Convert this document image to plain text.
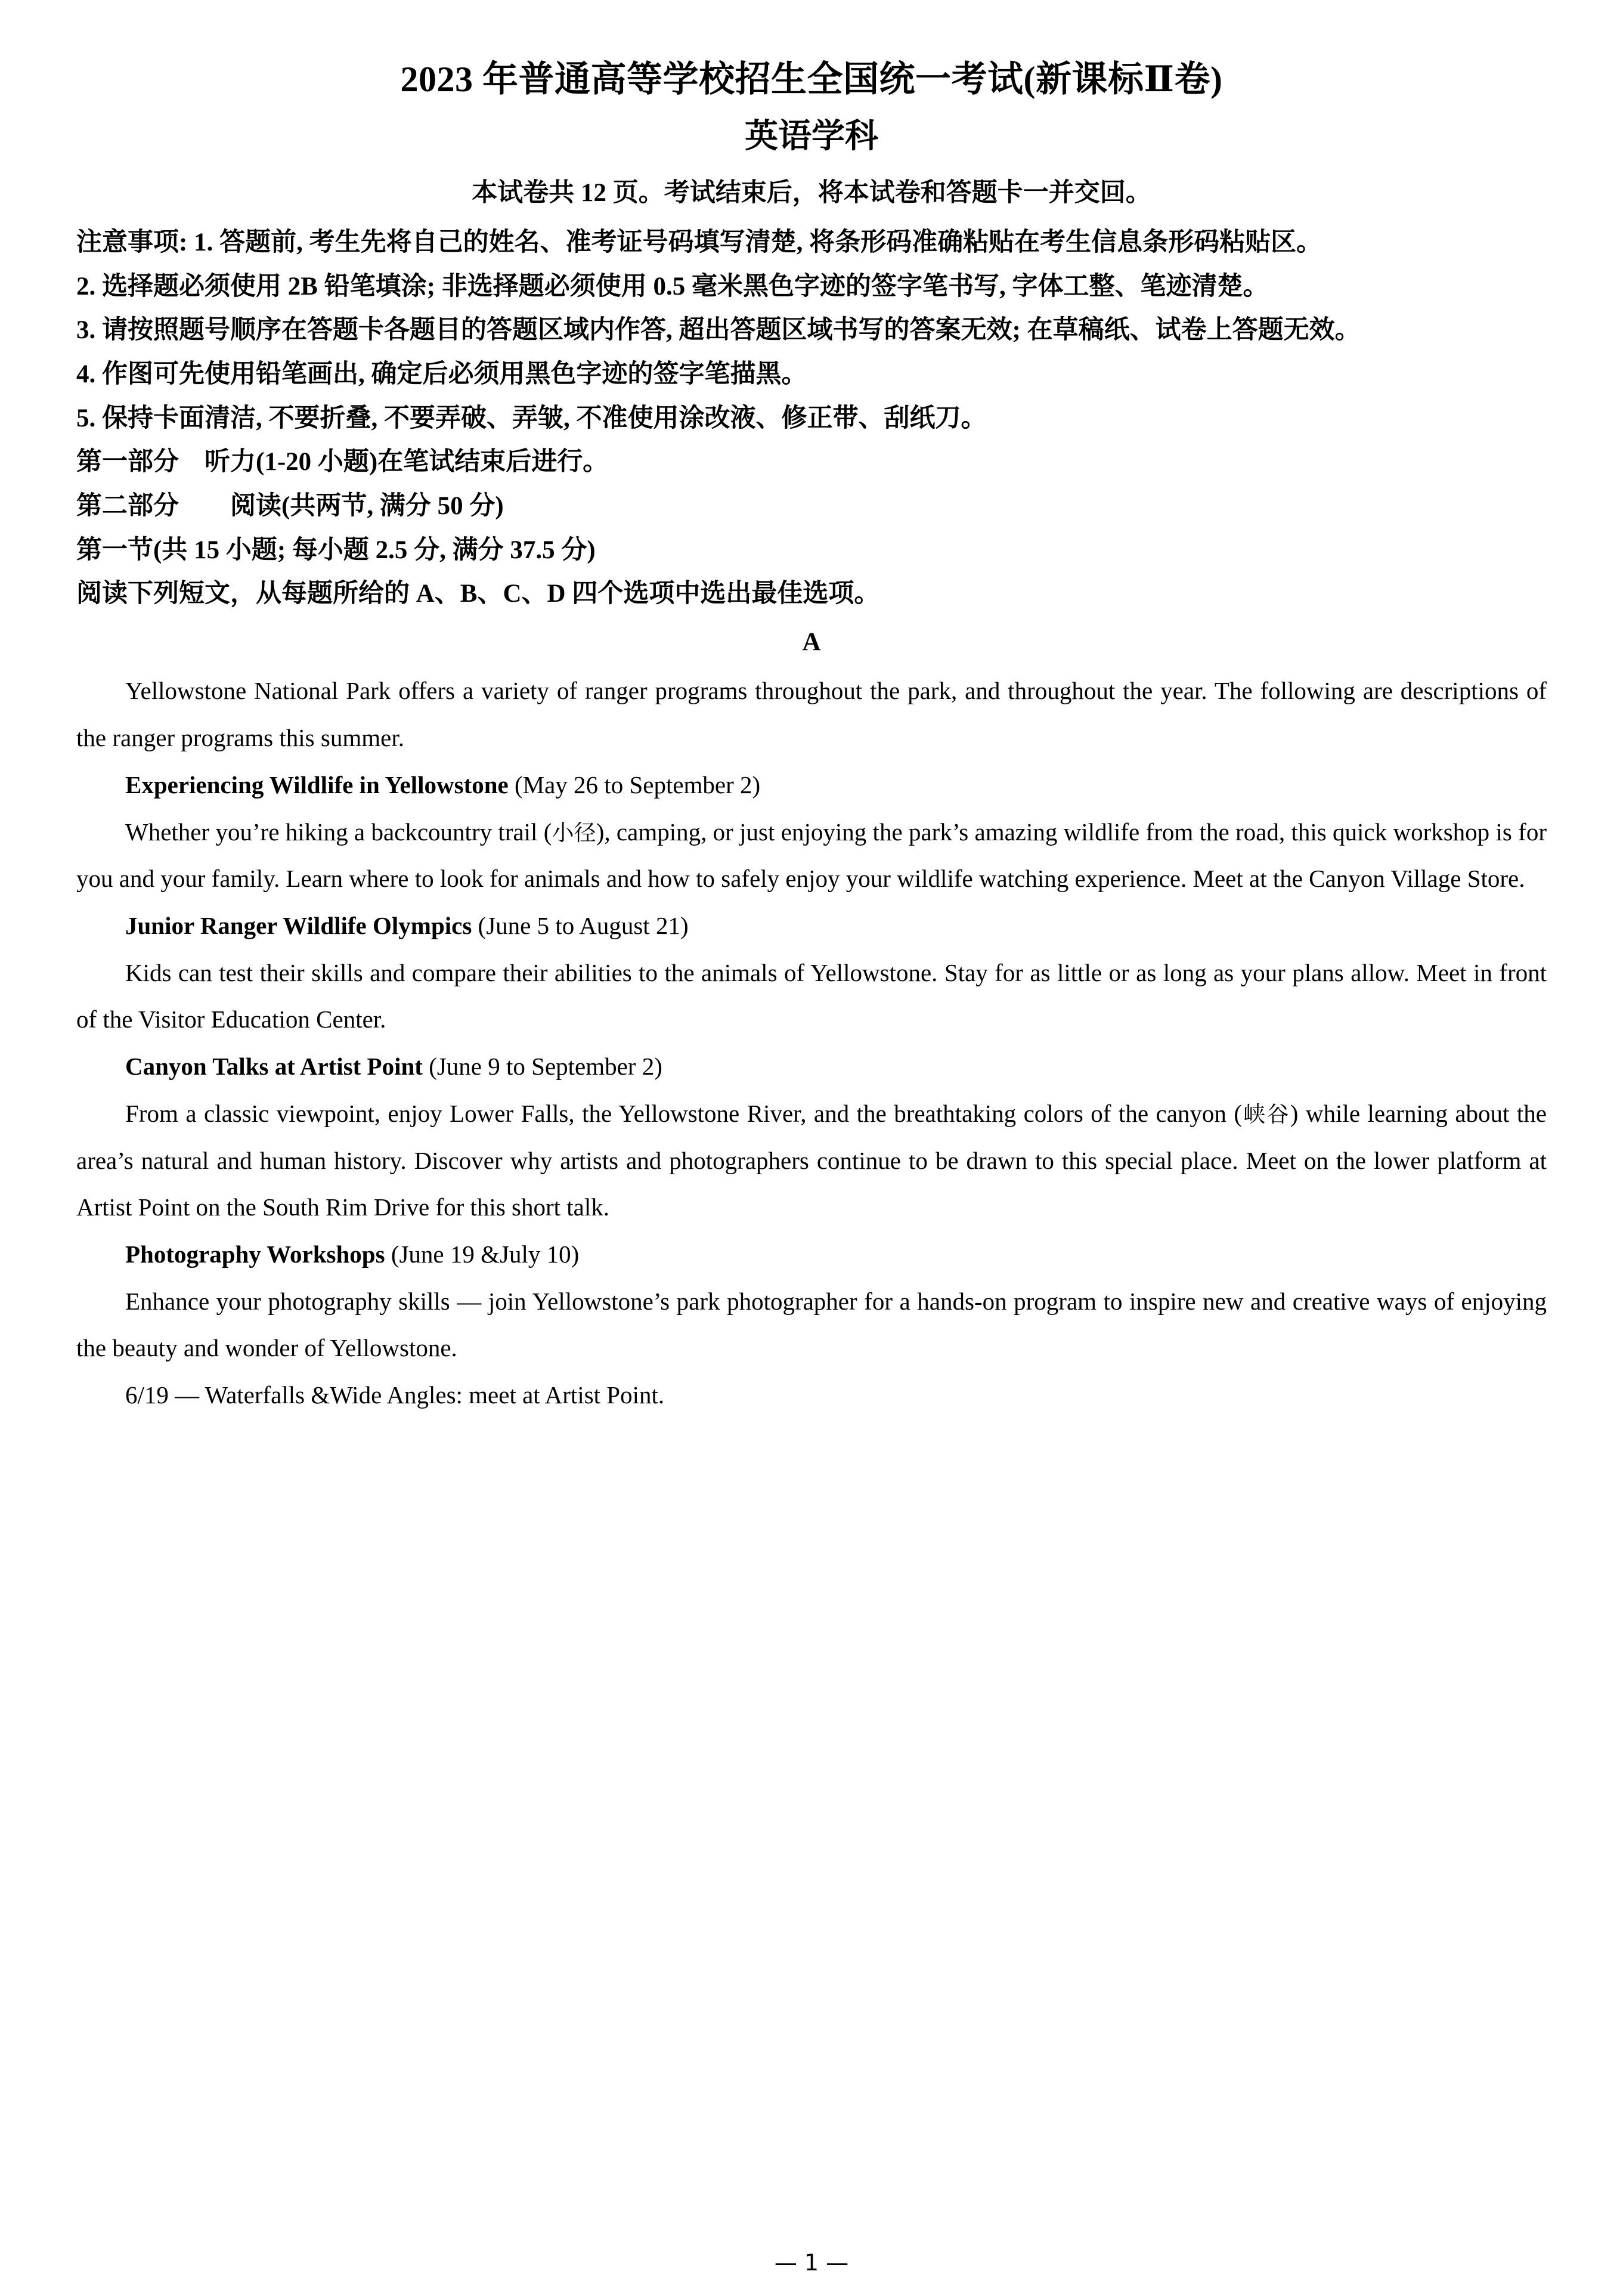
2023 年普通高等学校招生全国统一考试(新课标Ⅱ卷)
英语学科

本试卷共 12 页。考试结束后，将本试卷和答题卡一并交回。

注意事项: 1. 答题前, 考生先将自己的姓名、准考证号码填写清楚, 将条形码准确粘贴在考生信息条形码粘贴区。

2. 选择题必须使用 2B 铅笔填涂; 非选择题必须使用 0.5 毫米黑色字迹的签字笔书写, 字体工整、笔迹清楚。

3. 请按照题号顺序在答题卡各题目的答题区域内作答, 超出答题区域书写的答案无效; 在草稿纸、试卷上答题无效。

4. 作图可先使用铅笔画出, 确定后必须用黑色字迹的签字笔描黑。

5. 保持卡面清洁, 不要折叠, 不要弄破、弄皱, 不准使用涂改液、修正带、刮纸刀。

第一部分　听力(1-20 小题)在笔试结束后进行。

第二部分　　阅读(共两节, 满分 50 分)

第一节(共 15 小题; 每小题 2.5 分, 满分 37.5 分)

阅读下列短文，从每题所给的 A、B、C、D 四个选项中选出最佳选项。

A

Yellowstone National Park offers a variety of ranger programs throughout the park, and throughout the year. The following are descriptions of the ranger programs this summer.

Experiencing Wildlife in Yellowstone (May 26 to September 2)

Whether you’re hiking a backcountry trail (小径), camping, or just enjoying the park’s amazing wildlife from the road, this quick workshop is for you and your family. Learn where to look for animals and how to safely enjoy your wildlife watching experience. Meet at the Canyon Village Store.

Junior Ranger Wildlife Olympics (June 5 to August 21)

Kids can test their skills and compare their abilities to the animals of Yellowstone. Stay for as little or as long as your plans allow. Meet in front of the Visitor Education Center.

Canyon Talks at Artist Point (June 9 to September 2)

From a classic viewpoint, enjoy Lower Falls, the Yellowstone River, and the breathtaking colors of the canyon (峡谷) while learning about the area’s natural and human history. Discover why artists and photographers continue to be drawn to this special place. Meet on the lower platform at Artist Point on the South Rim Drive for this short talk.

Photography Workshops (June 19 &July 10)

Enhance your photography skills — join Yellowstone’s park photographer for a hands-on program to inspire new and creative ways of enjoying the beauty and wonder of Yellowstone.

6/19 — Waterfalls &Wide Angles: meet at Artist Point.

— 1 —
